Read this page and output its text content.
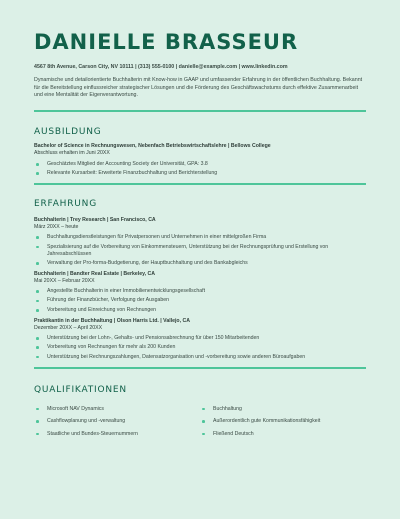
DANIELLE BRASSEUR
4567 8th Avenue, Carson City, NV 10111 | (313) 555-0100 | danielle@example.com | www.linkedin.com
Dynamische und detailorientierte Buchhalterin mit Know-how in GAAP und umfassender Erfahrung in der öffentlichen Buchhaltung. Bekannt für die Bereitstellung einflussreicher strategischer Lösungen und die Förderung des Geschäftswachstums durch effektive Zusammenarbeit und eine Mentalität der Eigenverantwortung.
AUSBILDUNG
Bachelor of Science in Rechnungswesen, Nebenfach Betriebswirtschaftslehre | Bellows College
Abschluss erhalten im Juni 20XX
Geschätztes Mitglied der Accounting Society der Universität, GPA: 3.8
Relevante Kursarbeit: Erweiterte Finanzbuchhaltung und Berichterstellung
ERFAHRUNG
Buchhalterin | Trey Research | San Francisco, CA
März 20XX – heute
Buchhaltungsdienstleistungen für Privatpersonen und Unternehmen in einer mittelgroßen Firma
Spezialisierung auf die Vorbereitung von Einkommensteuern, Unterstützung bei der Rechnungsprüfung und Erstellung von Jahresabschlüssen
Verwaltung der Pro-forma-Budgetierung, der Hauptbuchhaltung und des Bankabgleichs
Buchhalterin | Bandter Real Estate | Berkeley, CA
Mai 20XX – Februar 20XX
Angestellte Buchhalterin in einer Immobilienentwicklungsgesellschaft
Führung der Finanzbücher, Verfolgung der Ausgaben
Vorbereitung und Einreichung von Rechnungen
Praktikantin in der Buchhaltung | Olson Harris Ltd. | Vallejo, CA
Dezember 20XX – April 20XX
Unterstützung bei der Lohn-, Gehalts- und Pensionsabrechnung für über 150 Mitarbeitenden
Vorbereitung von Rechnungen für mehr als 200 Kunden
Unterstützung bei Rechnungszahlungen, Datensatzorganisation und -vorbereitung sowie anderen Büroaufgaben
QUALIFIKATIONEN
Microsoft NAV Dynamics
Cashflowplanung und -verwaltung
Staatliche und Bundes-Steuernummern
Buchhaltung
Außerordentlich gute Kommunikationsfähigkeit
Fließend Deutsch
